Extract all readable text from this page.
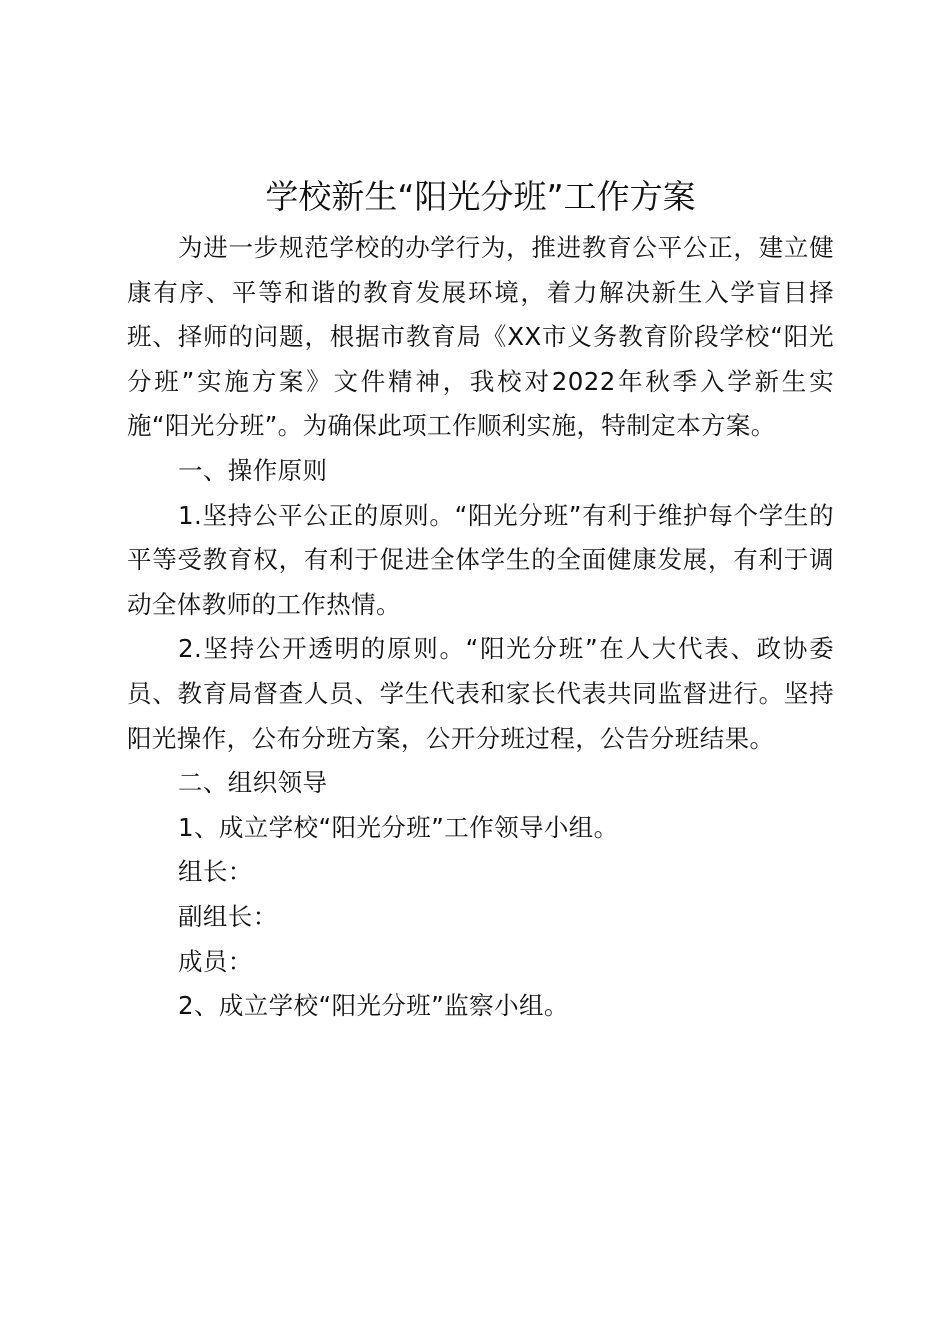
学校新生“阳光分班”工作方案

为进一步规范学校的办学行为，推进教育公平公正，建立健康有序、平等和谐的教育发展环境，着力解决新生入学盲目择班、择师的问题，根据市教育局《XX市义务教育阶段学校“阳光分班”实施方案》文件精神，我校对2022年秋季入学新生实施“阳光分班”。为确保此项工作顺利实施，特制定本方案。

一、操作原则

1.坚持公平公正的原则。“阳光分班”有利于维护每个学生的平等受教育权，有利于促进全体学生的全面健康发展，有利于调动全体教师的工作热情。

2.坚持公开透明的原则。“阳光分班”在人大代表、政协委员、教育局督查人员、学生代表和家长代表共同监督进行。坚持阳光操作，公布分班方案，公开分班过程，公告分班结果。

二、组织领导

1、成立学校“阳光分班”工作领导小组。

组长：

副组长：

成员：

2、成立学校“阳光分班”监察小组。
